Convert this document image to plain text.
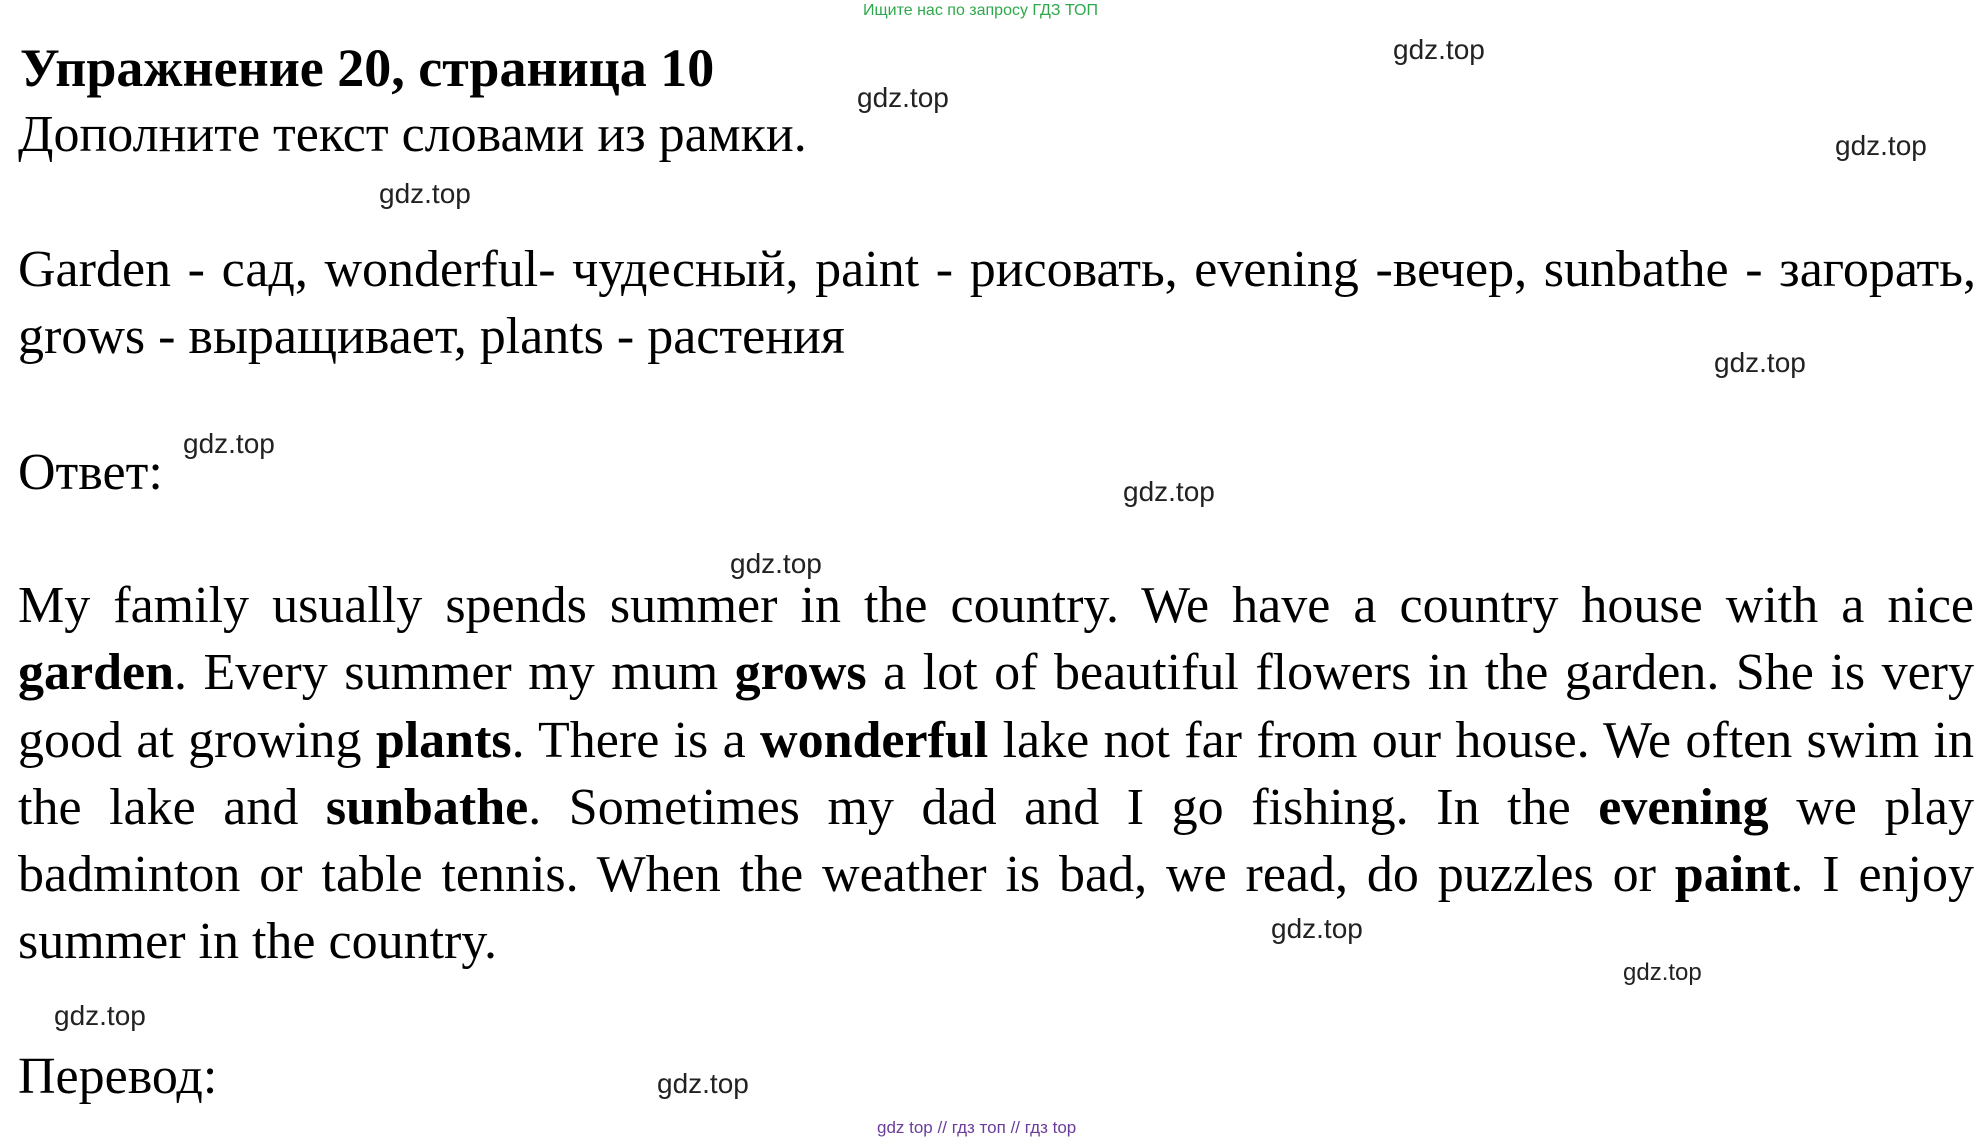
Ищите нас по запросу ГДЗ ТОП
Упражнение 20, страница 10
Дополните текст словами из рамки.
Garden - сад, wonderful- чудесный, paint - рисовать, evening -вечер, sunbathe - загорать, grows - выращивает, plants - растения
Ответ:
My family usually spends summer in the country. We have a country house with a nice garden. Every summer my mum grows a lot of beautiful flowers in the garden. She is very good at growing plants. There is a wonderful lake not far from our house. We often swim in the lake and sunbathe. Sometimes my dad and I go fishing. In the evening we play badminton or table tennis. When the weather is bad, we read, do puzzles or paint. I enjoy summer in the country.
Перевод:
gdz.top
gdz.top
gdz.top
gdz.top
gdz.top
gdz.top
gdz.top
gdz.top
gdz.top
gdz.top
gdz.top
gdz.top
gdz top // гдз топ // гдз top
